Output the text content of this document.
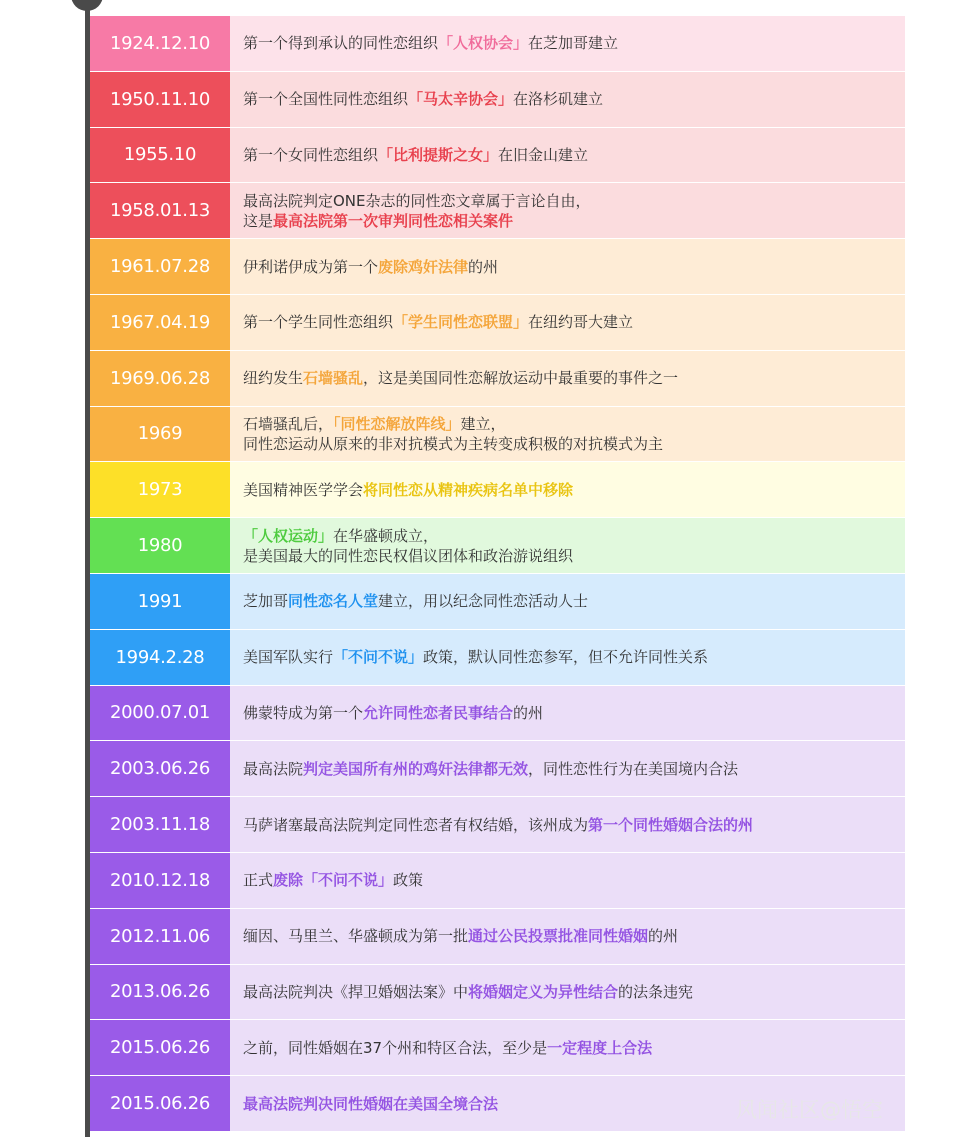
1924.12.10	第一个得到承认的同性恋组织「人权协会」在芝加哥建立
1950.11.10	第一个全国性同性恋组织「马太辛协会」在洛杉矶建立
1955.10	第一个女同性恋组织「比利提斯之女」在旧金山建立
1958.01.13	最高法院判定ONE杂志的同性恋文章属于言论自由，
这是最高法院第一次审判同性恋相关案件
1961.07.28	伊利诺伊成为第一个废除鸡奸法律的州
1967.04.19	第一个学生同性恋组织「学生同性恋联盟」在纽约哥大建立
1969.06.28	纽约发生石墙骚乱，这是美国同性恋解放运动中最重要的事件之一
1969	石墙骚乱后，「同性恋解放阵线」建立，
同性恋运动从原来的非对抗模式为主转变成积极的对抗模式为主
1973	美国精神医学学会将同性恋从精神疾病名单中移除
1980	「人权运动」在华盛顿成立，
是美国最大的同性恋民权倡议团体和政治游说组织
1991	芝加哥同性恋名人堂建立，用以纪念同性恋活动人士
1994.2.28	美国军队实行「不问不说」政策，默认同性恋参军，但不允许同性关系
2000.07.01	佛蒙特成为第一个允许同性恋者民事结合的州
2003.06.26	最高法院判定美国所有州的鸡奸法律都无效，同性恋性行为在美国境内合法
2003.11.18	马萨诸塞最高法院判定同性恋者有权结婚，该州成为第一个同性婚姻合法的州
2010.12.18	正式废除「不问不说」政策
2012.11.06	缅因、马里兰、华盛顿成为第一批通过公民投票批准同性婚姻的州
2013.06.26	最高法院判决《捍卫婚姻法案》中将婚姻定义为异性结合的法条违宪
2015.06.26	之前，同性婚姻在37个州和特区合法，至少是一定程度上合法
2015.06.26	最高法院判决同性婚姻在美国全境合法	风闻社区@悟空
